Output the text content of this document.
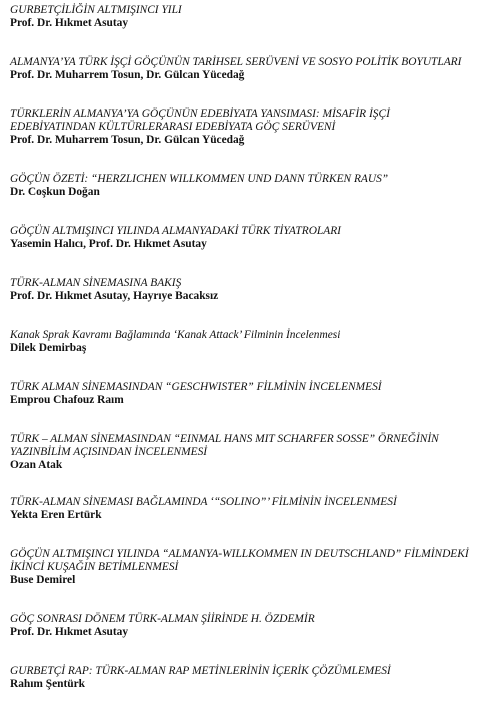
GURBETÇİLİĞİN ALTMIŞINCI YILI
Prof. Dr. Hıkmet Asutay
ALMANYA’YA TÜRK İŞÇİ GÖÇÜNÜN TARİHSEL SERÜVENİ VE SOSYO POLİTİK BOYUTLARI
Prof. Dr. Muharrem Tosun, Dr. Gülcan Yücedağ
TÜRKLERİN ALMANYA’YA GÖÇÜNÜN EDEBİYATA YANSIMASI: MİSAFİR İŞÇİ
EDEBİYATINDAN KÜLTÜRLERARASI EDEBİYATA GÖÇ SERÜVENİ
Prof. Dr. Muharrem Tosun, Dr. Gülcan Yücedağ
GÖÇÜN ÖZETİ: “HERZLICHEN WILLKOMMEN UND DANN TÜRKEN RAUS”
Dr. Coşkun Doğan
GÖÇÜN ALTMIŞINCI YILINDA ALMANYADAKİ TÜRK TİYATROLARI
Yasemin Halıcı, Prof. Dr. Hıkmet Asutay
TÜRK-ALMAN SİNEMASINA BAKIŞ
Prof. Dr. Hıkmet Asutay, Hayrıye Bacaksız
Kanak Sprak Kavramı Bağlamında ‘Kanak Attack’ Filminin İncelenmesi
Dilek Demirbaş
TÜRK ALMAN SİNEMASINDAN “GESCHWISTER” FİLMİNİN İNCELENMESİ
Emprou Chafouz Raım
TÜRK – ALMAN SİNEMASINDAN “EINMAL HANS MIT SCHARFER SOSSE” ÖRNEĞİNİN
YAZINBİLİM AÇISINDAN İNCELENMESİ
Ozan Atak
TÜRK-ALMAN SİNEMASI BAĞLAMINDA ‘“SOLINO”’ FİLMİNİN İNCELENMESİ
Yekta Eren Ertürk
GÖÇÜN ALTMIŞINCI YILINDA “ALMANYA-WILLKOMMEN IN DEUTSCHLAND” FİLMİNDEKİ
İKİNCİ KUŞAĞIN BETİMLENMESİ
Buse Demirel
GÖÇ SONRASI DÖNEM TÜRK-ALMAN ŞİİRİNDE H. ÖZDEMİR
Prof. Dr. Hıkmet Asutay
GURBETÇİ RAP: TÜRK-ALMAN RAP METİNLERİNİN İÇERİK ÇÖZÜMLEMESİ
Rahım Şentürk
